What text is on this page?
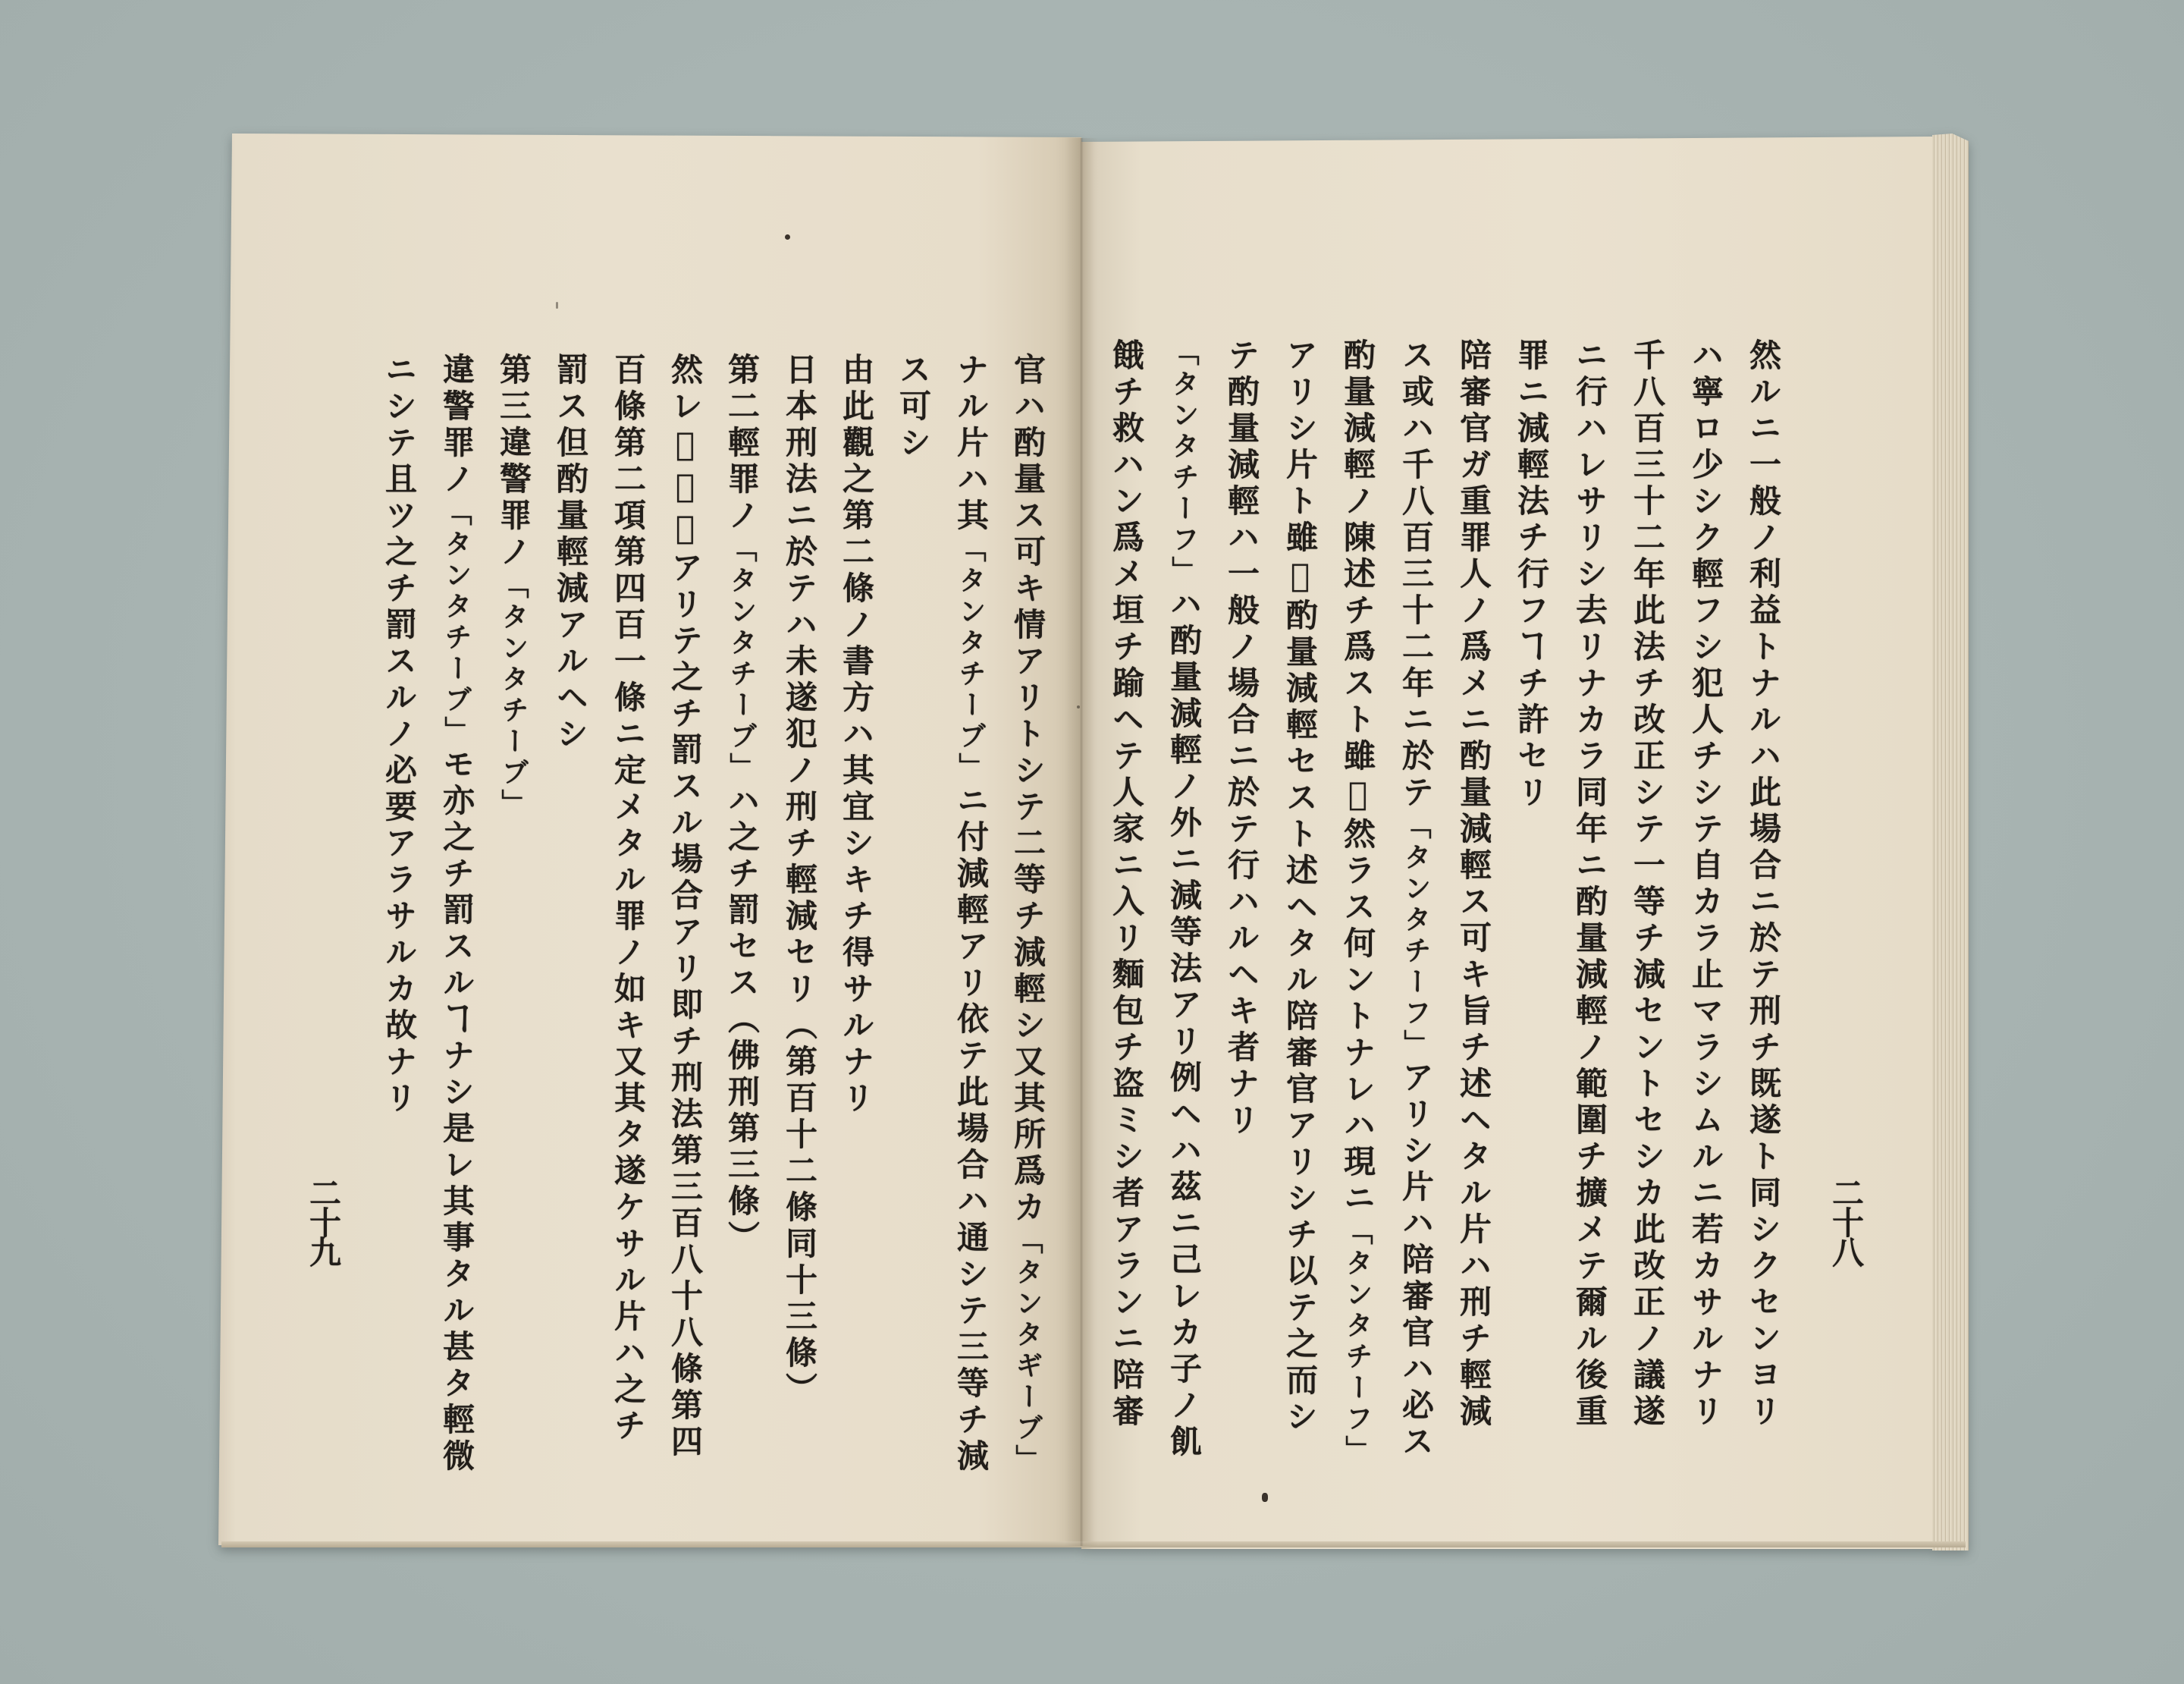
然ルニ一般ノ利益トナルハ此場合ニ於テ刑チ既遂ト同シクセンヨリ
ハ寧ロ少シク輕フシ犯人チシテ自カラ止マラシムルニ若カサルナリ
千八百三十二年此法チ改正シテ一等チ減セントセシカ此改正ノ議遂
ニ行ハレサリシ去リナカラ同年ニ酌量減輕ノ範圍チ擴メテ爾ル後重
罪ニ減輕法チ行フヿチ許セリ
陪審官ガ重罪人ノ爲メニ酌量減輕ス可キ旨チ述ヘタル片ハ刑チ輕減
ス或ハ千八百三十二年ニ於テ「タンタチーフ」アリシ片ハ陪審官ハ必ス
酌量減輕ノ陳述チ爲スト雖𪜈然ラス何ントナレハ現ニ「タンタチーフ」
アリシ片ト雖𪜈酌量減輕セスト述ヘタル陪審官アリシチ以テ之而シ
テ酌量減輕ハ一般ノ場合ニ於テ行ハルヘキ者ナリ
「タンタチーフ」ハ酌量減輕ノ外ニ減等法アリ例ヘハ茲ニ己レカ子ノ飢
餓チ救ハン爲メ垣チ踰ヘテ人家ニ入リ麵包チ盗ミシ者アランニ陪審	二十八
官ハ酌量ス可キ情アリトシテ二等チ減輕シ又其所爲カ「タンタギーブ」
ナル片ハ其「タンタチーブ」ニ付減輕アリ依テ此場合ハ通シテ三等チ減
ス可シ
由此觀之第二條ノ書方ハ其宜シキチ得サルナリ
日本刑法ニ於テハ未遂犯ノ刑チ輕減セリ（第百十二條同十三條）
第二輕罪ノ「タンタチーブ」ハ之チ罰セス（佛刑第三條）
然レ𪜈例外アリテ之チ罰スル場合アリ即チ刑法第三百八十八條第四
百條第二項第四百一條ニ定メタル罪ノ如キ又其タ遂ケサル片ハ之チ
罰ス但酌量輕減アルヘシ
第三違警罪ノ「タンタチーブ」
違警罪ノ「タンタチーブ」モ亦之チ罰スルヿナシ是レ其事タル甚タ輕微
ニシテ且ツ之チ罰スルノ必要アラサルカ故ナリ
二十九
